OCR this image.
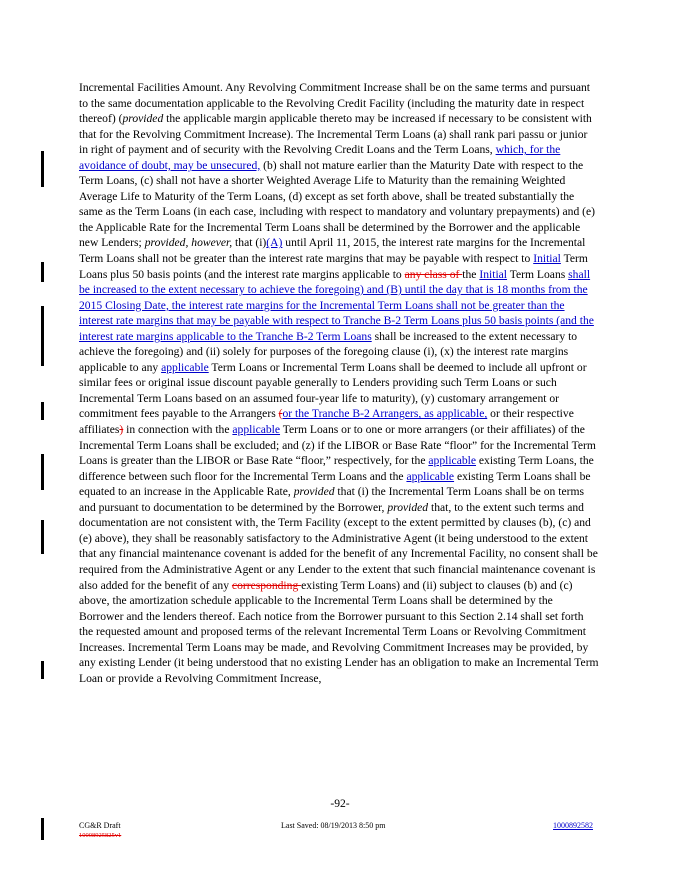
Incremental Facilities Amount. Any Revolving Commitment Increase shall be on the same terms and pursuant to the same documentation applicable to the Revolving Credit Facility (including the maturity date in respect thereof) (provided the applicable margin applicable thereto may be increased if necessary to be consistent with that for the Revolving Commitment Increase). The Incremental Term Loans (a) shall rank pari passu or junior in right of payment and of security with the Revolving Credit Loans and the Term Loans, which, for the avoidance of doubt, may be unsecured, (b) shall not mature earlier than the Maturity Date with respect to the Term Loans, (c) shall not have a shorter Weighted Average Life to Maturity than the remaining Weighted Average Life to Maturity of the Term Loans, (d) except as set forth above, shall be treated substantially the same as the Term Loans (in each case, including with respect to mandatory and voluntary prepayments) and (e) the Applicable Rate for the Incremental Term Loans shall be determined by the Borrower and the applicable new Lenders; provided, however, that (i)(A) until April 11, 2015, the interest rate margins for the Incremental Term Loans shall not be greater than the interest rate margins that may be payable with respect to Initial Term Loans plus 50 basis points (and the interest rate margins applicable to any class of the Initial Term Loans shall be increased to the extent necessary to achieve the foregoing) and (B) until the day that is 18 months from the 2015 Closing Date, the interest rate margins for the Incremental Term Loans shall not be greater than the interest rate margins that may be payable with respect to Tranche B-2 Term Loans plus 50 basis points (and the interest rate margins applicable to the Tranche B-2 Term Loans shall be increased to the extent necessary to achieve the foregoing) and (ii) solely for purposes of the foregoing clause (i), (x) the interest rate margins applicable to any applicable Term Loans or Incremental Term Loans shall be deemed to include all upfront or similar fees or original issue discount payable generally to Lenders providing such Term Loans or such Incremental Term Loans based on an assumed four-year life to maturity), (y) customary arrangement or commitment fees payable to the Arrangers (or the Tranche B-2 Arrangers, as applicable, or their respective affiliates) in connection with the applicable Term Loans or to one or more arrangers (or their affiliates) of the Incremental Term Loans shall be excluded; and (z) if the LIBOR or Base Rate “floor” for the Incremental Term Loans is greater than the LIBOR or Base Rate “floor,” respectively, for the applicable existing Term Loans, the difference between such floor for the Incremental Term Loans and the applicable existing Term Loans shall be equated to an increase in the Applicable Rate, provided that (i) the Incremental Term Loans shall be on terms and pursuant to documentation to be determined by the Borrower, provided that, to the extent such terms and documentation are not consistent with, the Term Facility (except to the extent permitted by clauses (b), (c) and (e) above), they shall be reasonably satisfactory to the Administrative Agent (it being understood to the extent that any financial maintenance covenant is added for the benefit of any Incremental Facility, no consent shall be required from the Administrative Agent or any Lender to the extent that such financial maintenance covenant is also added for the benefit of any corresponding existing Term Loans) and (ii) subject to clauses (b) and (c) above, the amortization schedule applicable to the Incremental Term Loans shall be determined by the Borrower and the lenders thereof. Each notice from the Borrower pursuant to this Section 2.14 shall set forth the requested amount and proposed terms of the relevant Incremental Term Loans or Revolving Commitment Increases. Incremental Term Loans may be made, and Revolving Commitment Increases may be provided, by any existing Lender (it being understood that no existing Lender has an obligation to make an Incremental Term Loan or provide a Revolving Commitment Increase,
-92-
CG&R Draft
10008925825v1
Last Saved: 08/19/2013 8:50 pm	1000892582
